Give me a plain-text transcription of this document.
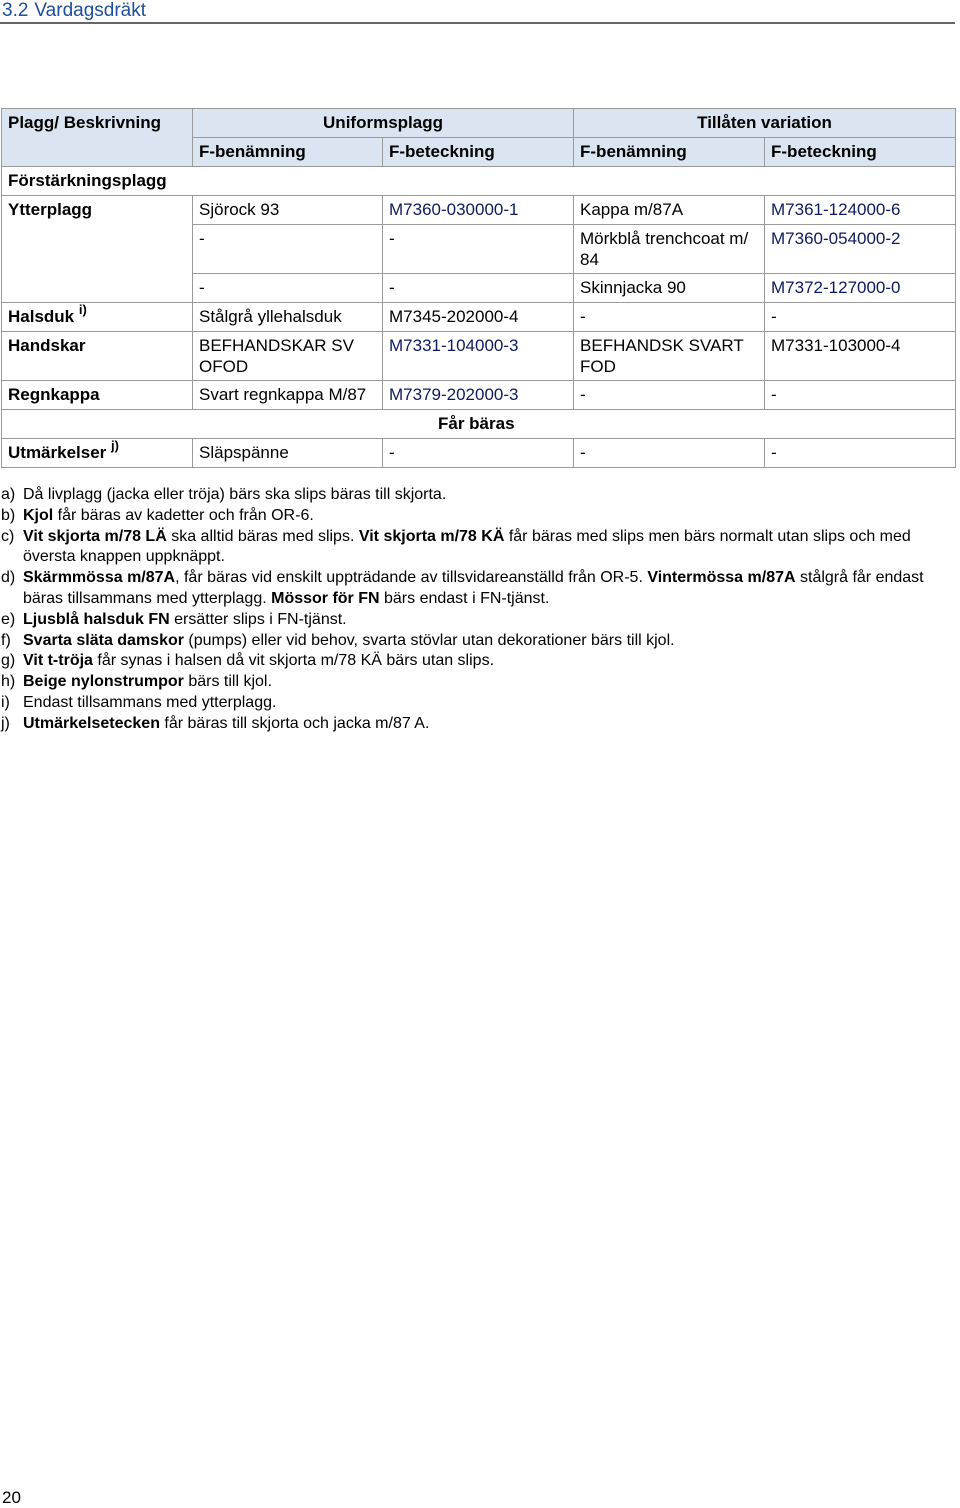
3.2 Vardagsdräkt
Plagg/ Beskrivning	Uniformsplagg		Tillåten variation	
	F-benämning	F-beteckning	F-benämning	F-beteckning
Förstärkningsplagg				
Ytterplagg	Sjörock 93	M7360-030000-1	Kappa m/87A	M7361-124000-6
	-	-	Mörkblå trenchcoat m/ 84	M7360-054000-2
	-	-	Skinnjacka 90	M7372-127000-0
Halsduk $^{i)}$	Stålgrå yllehalsduk	M7345-202000-4	-	-
Handskar	BEFHANDSKAR SV OFOD	M7331-104000-3	BEFHANDSK SVART FOD	M7331-103000-4
Regnkappa	Svart regnkappa M/87	M7379-202000-3	-	-
Får bäras				
Utmärkelser $^{j)}$	Släpspänne	-	-	-
a) Då livplagg (jacka eller tröja) bärs ska slips bäras till skjorta.
b) Kjol får bäras av kadetter och från OR-6.
c) Vit skjorta m/78 LÄ ska alltid bäras med slips. Vit skjorta m/78 KÄ får bäras med slips men bärs normalt utan slips och med översta knappen uppknäppt.
d) Skärmmössa m/87A, får bäras vid enskilt uppträdande av tillsvidareanställd från OR-5. Vintermössa m/87A stålgrå får endast bäras tillsammans med ytterplagg. Mössor för FN bärs endast i FN-tjänst.
e) Ljusblå halsduk FN ersätter slips i FN-tjänst.
f) Svarta släta damskor (pumps) eller vid behov, svarta stövlar utan dekorationer bärs till kjol.
g) Vit t-tröja får synas i halsen då vit skjorta m/78 KÄ bärs utan slips.
h) Beige nylonstrumpor bärs till kjol.
i) Endast tillsammans med ytterplagg.
j) Utmärkelsetecken får bäras till skjorta och jacka m/87 A.
20
